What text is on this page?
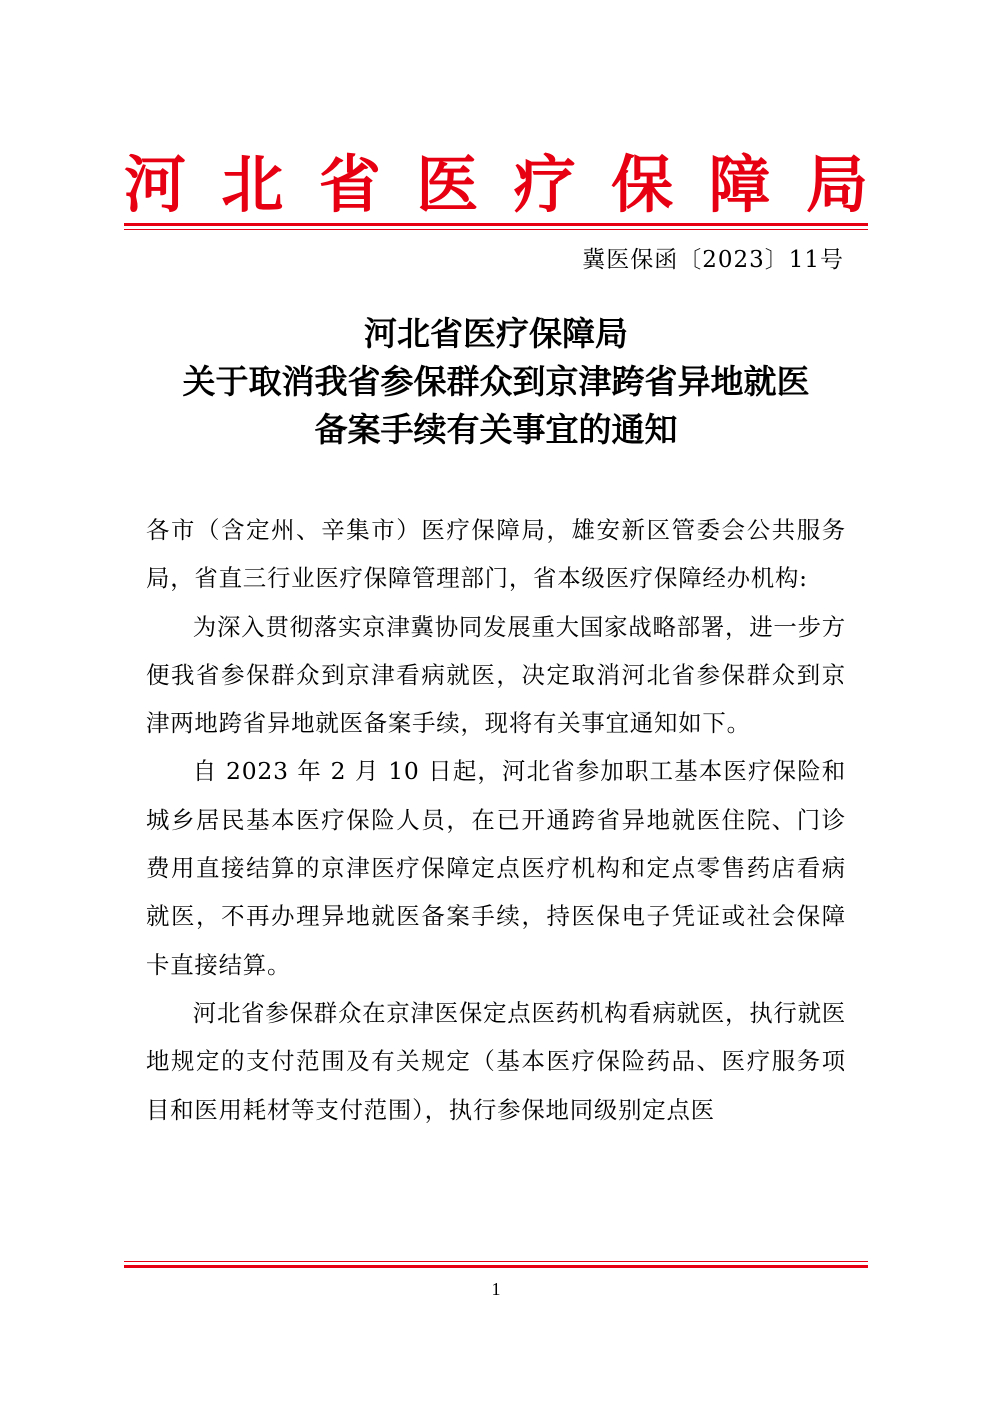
河 北 省 医 疗 保 障 局
冀医保函〔2023〕11号
河北省医疗保障局
关于取消我省参保群众到京津跨省异地就医
备案手续有关事宜的通知

各市（含定州、辛集市）医疗保障局，雄安新区管委会公共服务局，省直三行业医疗保障管理部门，省本级医疗保障经办机构:

为深入贯彻落实京津冀协同发展重大国家战略部署，进一步方便我省参保群众到京津看病就医，决定取消河北省参保群众到京津两地跨省异地就医备案手续，现将有关事宜通知如下。

自 2023 年 2 月 10 日起，河北省参加职工基本医疗保险和城乡居民基本医疗保险人员，在已开通跨省异地就医住院、门诊费用直接结算的京津医疗保障定点医疗机构和定点零售药店看病就医，不再办理异地就医备案手续，持医保电子凭证或社会保障卡直接结算。

河北省参保群众在京津医保定点医药机构看病就医，执行就医地规定的支付范围及有关规定（基本医疗保险药品、医疗服务项目和医用耗材等支付范围），执行参保地同级别定点医

1
